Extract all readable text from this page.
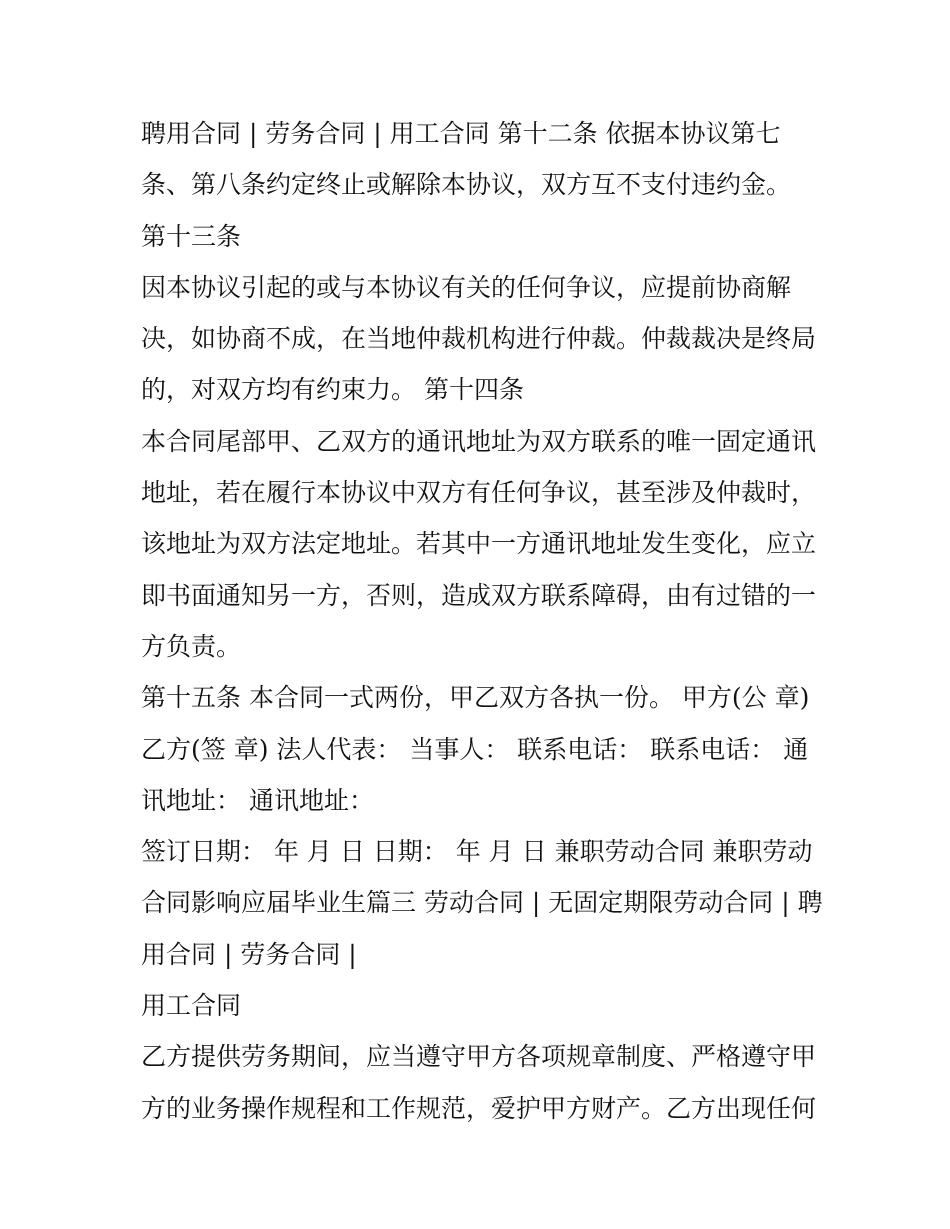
聘用合同 | 劳务合同 | 用工合同 第十二条 依据本协议第七
条、第八条约定终止或解除本协议，双方互不支付违约金。
第十三条
因本协议引起的或与本协议有关的任何争议，应提前协商解
决，如协商不成，在当地仲裁机构进行仲裁。仲裁裁决是终局
的，对双方均有约束力。 第十四条
本合同尾部甲、乙双方的通讯地址为双方联系的唯一固定通讯
地址，若在履行本协议中双方有任何争议，甚至涉及仲裁时，
该地址为双方法定地址。若其中一方通讯地址发生变化，应立
即书面通知另一方，否则，造成双方联系障碍，由有过错的一
方负责。
第十五条 本合同一式两份，甲乙双方各执一份。 甲方(公 章)
乙方(签 章) 法人代表： 当事人： 联系电话： 联系电话： 通
讯地址： 通讯地址：
签订日期： 年 月 日 日期： 年 月 日 兼职劳动合同 兼职劳动
合同影响应届毕业生篇三 劳动合同 | 无固定期限劳动合同 | 聘
用合同 | 劳务合同 |
用工合同
乙方提供劳务期间，应当遵守甲方各项规章制度、严格遵守甲
方的业务操作规程和工作规范，爱护甲方财产。乙方出现任何
